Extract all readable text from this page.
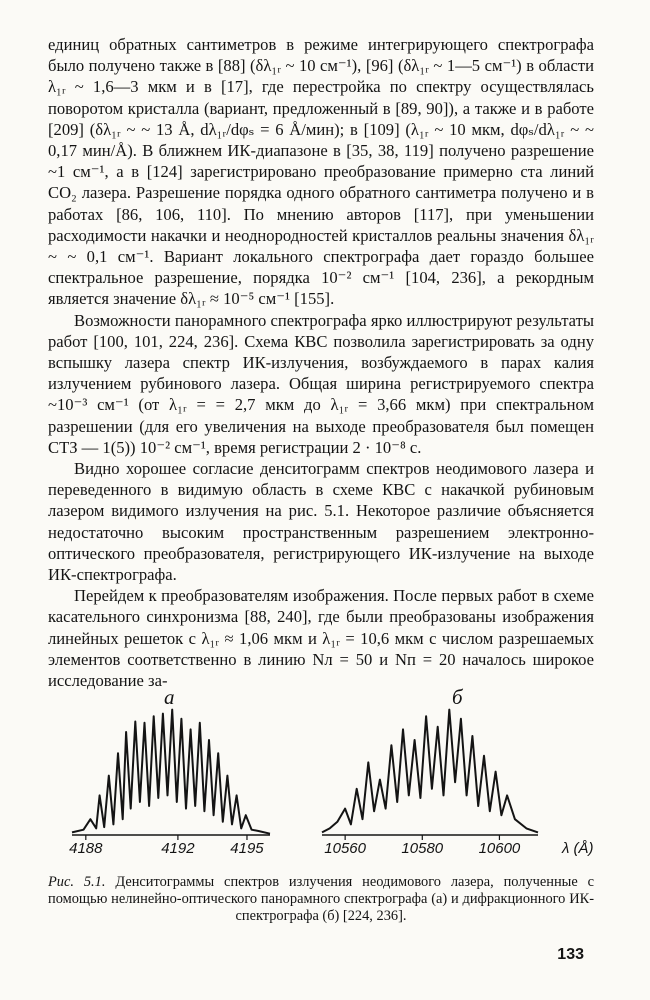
единиц обратных сантиметров в режиме интегрирующего спектрографа было получено также в [88] (δλ₁ᵣ ~ 10 см⁻¹), [96] (δλ₁ᵣ ~ 1—5 см⁻¹) в области λ₁ᵣ ~ 1,6—3 мкм и в [17], где перестройка по спектру осуществлялась поворотом кристалла (вариант, предложенный в [89, 90]), а также и в работе [209] (δλ₁ᵣ ~ ~ 13 Å, dλ₁ᵣ/dφₛ = 6 Å/мин); в [109] (λ₁ᵣ ~ 10 мкм, dφₛ/dλ₁ᵣ ~ ~ 0,17 мин/Å). В ближнем ИК-диапазоне в [35, 38, 119] получено разрешение ~1 см⁻¹, а в [124] зарегистрировано преобразование примерно ста линий CO₂ лазера. Разрешение порядка одного обратного сантиметра получено и в работах [86, 106, 110]. По мнению авторов [117], при уменьшении расходимости накачки и неоднородностей кристаллов реальны значения δλ₁ᵣ ~ ~ 0,1 см⁻¹. Вариант локального спектрографа дает гораздо большее спектральное разрешение, порядка 10⁻² см⁻¹ [104, 236], а рекордным является значение δλ₁ᵣ ≈ 10⁻⁵ см⁻¹ [155].

Возможности панорамного спектрографа ярко иллюстрируют результаты работ [100, 101, 224, 236]. Схема КВС позволила зарегистрировать за одну вспышку лазера спектр ИК-излучения, возбуждаемого в парах калия излучением рубинового лазера. Общая ширина регистрируемого спектра ~10⁻³ см⁻¹ (от λ₁ᵣ = = 2,7 мкм до λ₁ᵣ = 3,66 мкм) при спектральном разрешении (для его увеличения на выходе преобразователя был помещен СТЗ — 1(5)) 10⁻² см⁻¹, время регистрации 2 · 10⁻⁸ с.

Видно хорошее согласие денситограмм спектров неодимового лазера и переведенного в видимую область в схеме КВС с накачкой рубиновым лазером видимого излучения на рис. 5.1. Некоторое различие объясняется недостаточно высоким пространственным разрешением электронно-оптического преобразователя, регистрирующего ИК-излучение на выходе ИК-спектрографа.

Перейдем к преобразователям изображения. После первых работ в схеме касательного синхронизма [88, 240], где были преобразованы изображения линейных решеток с λ₁ᵣ ≈ 1,06 мкм и λ₁ᵣ = 10,6 мкм с числом разрешаемых элементов соответственно в линию Nл = 50 и Nп = 20 началось широкое исследование за-

а	б
4188	4192 4195	10560 10580 10600	λ (Å)
Рис. 5.1. Денситограммы спектров излучения неодимового лазера, полученные с помощью нелинейно-оптического панорамного спектрографа (а) и дифракционного ИК-спектрографа (б) [224, 236].
133
